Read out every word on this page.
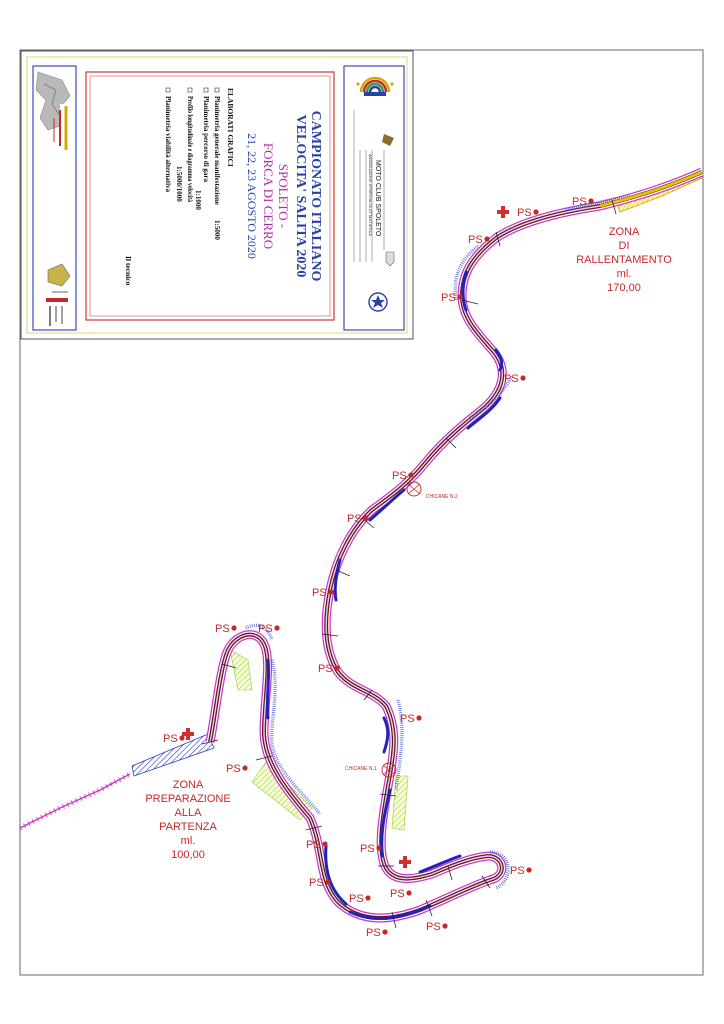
CAMPIONATO ITALIANO
VELOCITA' SALITA 2020
SPOLETO -
FORCA DI CERRO
21, 22, 23 AGOSTO 2020
ELABORATI GRAFICI
Planimetria generale manifestazione
1:5000
Planimetria percorso di gara
1:1000
Profilo longitudinale e diagramma velocità
1:5000/1000
Planimetria viabilità alternativa
Il tecnico
MOTO CLUB SPOLETO
ASSOCIAZIONE SPORTIVA DILETTANTISTICA
CHICANE N.2
CHICANE N.1
ZONA
DI
RALLENTAMENTO
ml.
170,00
ZONA
PREPARAZIONE
ALLA
PARTENZA
ml.
100,00
PS
PS
PS
PS
PS
PS
PS
PS
PS
PS
PS	PS
PS
PS
PS
PS
PS
PS
PS
PS
PS
PS
